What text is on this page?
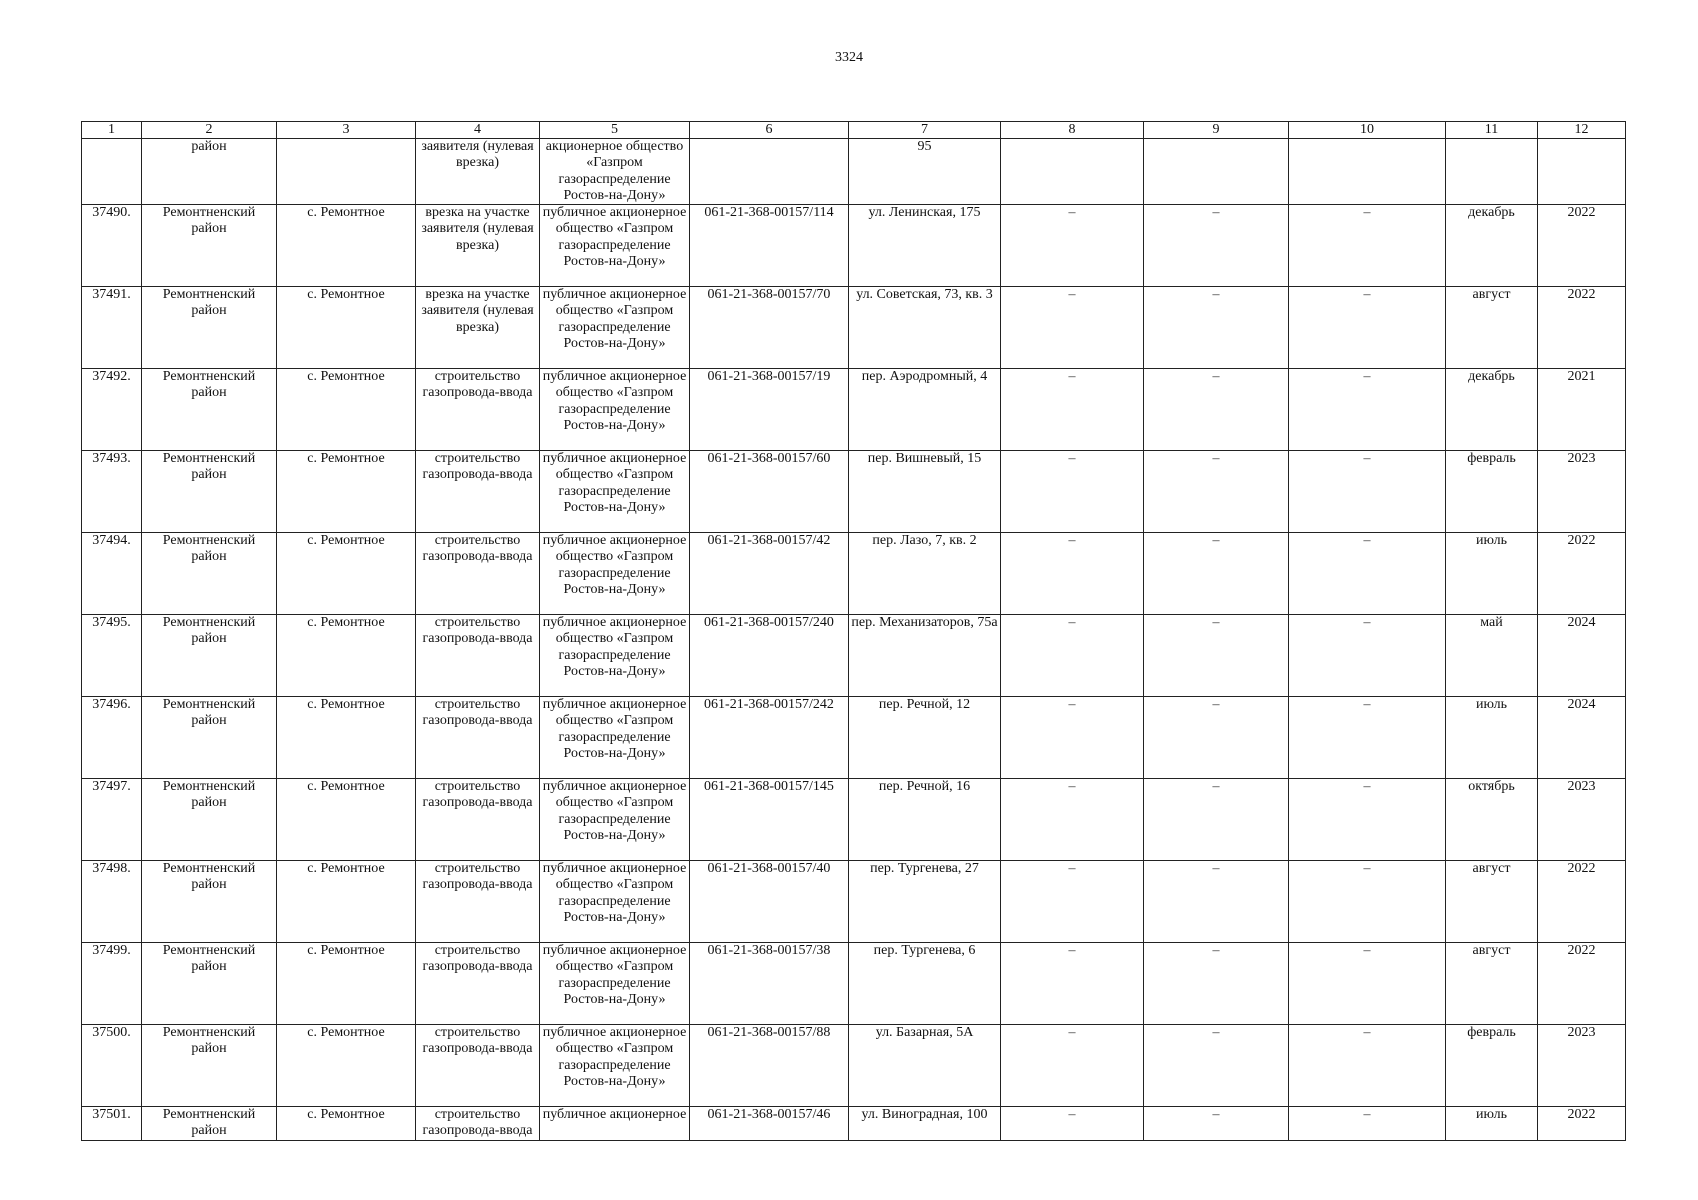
3324
1	2	3	4	5	6	7	8	9	10	11	12
	район		заявителя (нулевая врезка)	акционерное общество «Газпром газораспределение Ростов-на-Дону»		95					
37490.	Ремонтненский район	с. Ремонтное	врезка на участке заявителя (нулевая врезка)	публичное акционерное общество «Газпром газораспределение Ростов-на-Дону»	061-21-368-00157/114	ул. Ленинская, 175	–	–	–	декабрь	2022
37491.	Ремонтненский район	с. Ремонтное	врезка на участке заявителя (нулевая врезка)	публичное акционерное общество «Газпром газораспределение Ростов-на-Дону»	061-21-368-00157/70	ул. Советская, 73, кв. 3	–	–	–	август	2022
37492.	Ремонтненский район	с. Ремонтное	строительство газопровода-ввода	публичное акционерное общество «Газпром газораспределение Ростов-на-Дону»	061-21-368-00157/19	пер. Аэродромный, 4	–	–	–	декабрь	2021
37493.	Ремонтненский район	с. Ремонтное	строительство газопровода-ввода	публичное акционерное общество «Газпром газораспределение Ростов-на-Дону»	061-21-368-00157/60	пер. Вишневый, 15	–	–	–	февраль	2023
37494.	Ремонтненский район	с. Ремонтное	строительство газопровода-ввода	публичное акционерное общество «Газпром газораспределение Ростов-на-Дону»	061-21-368-00157/42	пер. Лазо, 7, кв. 2	–	–	–	июль	2022
37495.	Ремонтненский район	с. Ремонтное	строительство газопровода-ввода	публичное акционерное общество «Газпром газораспределение Ростов-на-Дону»	061-21-368-00157/240	пер. Механизаторов, 75а	–	–	–	май	2024
37496.	Ремонтненский район	с. Ремонтное	строительство газопровода-ввода	публичное акционерное общество «Газпром газораспределение Ростов-на-Дону»	061-21-368-00157/242	пер. Речной, 12	–	–	–	июль	2024
37497.	Ремонтненский район	с. Ремонтное	строительство газопровода-ввода	публичное акционерное общество «Газпром газораспределение Ростов-на-Дону»	061-21-368-00157/145	пер. Речной, 16	–	–	–	октябрь	2023
37498.	Ремонтненский район	с. Ремонтное	строительство газопровода-ввода	публичное акционерное общество «Газпром газораспределение Ростов-на-Дону»	061-21-368-00157/40	пер. Тургенева, 27	–	–	–	август	2022
37499.	Ремонтненский район	с. Ремонтное	строительство газопровода-ввода	публичное акционерное общество «Газпром газораспределение Ростов-на-Дону»	061-21-368-00157/38	пер. Тургенева, 6	–	–	–	август	2022
37500.	Ремонтненский район	с. Ремонтное	строительство газопровода-ввода	публичное акционерное общество «Газпром газораспределение Ростов-на-Дону»	061-21-368-00157/88	ул. Базарная, 5А	–	–	–	февраль	2023
37501.	Ремонтненский район	с. Ремонтное	строительство газопровода-ввода	публичное акционерное	061-21-368-00157/46	ул. Виноградная, 100	–	–	–	июль	2022
